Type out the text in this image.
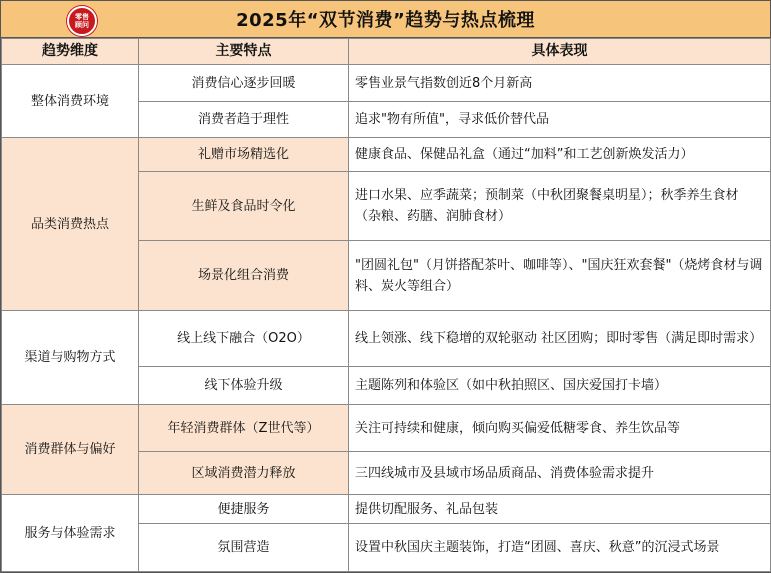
零售
顾问	2025年“双节消费”趋势与热点梳理
趋势维度	主要特点	具体表现
整体消费环境	消费信心逐步回暖	零售业景气指数创近8个月新高
	消费者趋于理性	追求"物有所值"，寻求低价替代品
品类消费热点	礼赠市场精选化	健康食品、保健品礼盒（通过“加料”和工艺创新焕发活力）
	生鲜及食品时令化	进口水果、应季蔬菜；预制菜（中秋团聚餐桌明星）；秋季养生食材（杂粮、药膳、润肺食材）
	场景化组合消费	"团圆礼包"（月饼搭配茶叶、咖啡等）、"国庆狂欢套餐"（烧烤食材与调料、炭火等组合）
渠道与购物方式	线上线下融合（O2O）	线上领涨、线下稳增的双轮驱动 社区团购；即时零售（满足即时需求）
	线下体验升级	主题陈列和体验区（如中秋拍照区、国庆爱国打卡墙）
消费群体与偏好	年轻消费群体（Z世代等）	关注可持续和健康，倾向购买偏爱低糖零食、养生饮品等
	区域消费潜力释放	三四线城市及县域市场品质商品、消费体验需求提升
服务与体验需求	便捷服务	提供切配服务、礼品包装
	氛围营造	设置中秋国庆主题装饰，打造“团圆、喜庆、秋意”的沉浸式场景
